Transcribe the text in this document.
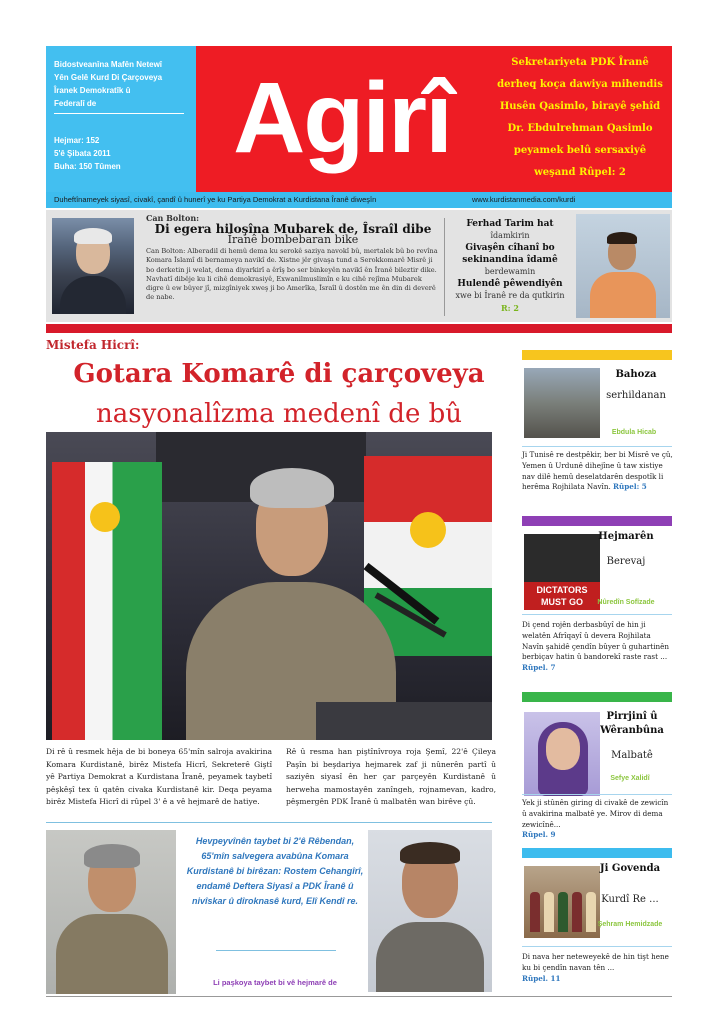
Bidostveanîna Mafên Netewî
Yên Gelê Kurd Di Çarçoveya
Îranek Demokratîk û
Federalî de
Hejmar: 152
5'ê Şibata 2011
Buha: 150 Tûmen	Agirî	Sekretariyeta PDK Îranê derheq koça dawiya mihendis Husên Qasimlo, birayê şehîd Dr. Ebdulrehman Qasimlo peyamek belû sersaxiyê weşand Rûpel: 2
Duheftînameyek siyasî, civakî, çandî û hunerî ye ku Partiya Demokrat a Kurdistana Îranê diweşîn	www.kurdistanmedia.com/kurdi
Can Bolton:
Di egera hiloşîna Mubarek de, Îsraîl dibe
Îranê bombebaran bike
Can Bolton: Alberadil di hemû dema ku serokê saziya navokî bû, mertalek bû bo revîna Komara Îslamî di bernameya navikî de. Xistne jêr givaşa tund a Serokkomarê Misrê ji bo derketin ji welat, dema diyarkirî a êrîş bo ser binkeyên navikî ên Îranê bileztir dike. Navhatî dibêje ku li cihê demokrasiyê, Exwanilmuslimîn e ku cihê rejîma Mubarek digre û ew bûyer jî, mizgîniyek xweş ji bo Amerîka, Îsraîl û dostên me ên din di deverê de nabe.
Ferhad Tarim hat
îdamkirin
Givaşên cîhanî bo
sekinandina îdamê
berdewamin
Hulendê pêwendiyên
xwe bi Îranê re da qutkirin
R: 2
Mistefa Hicrî:
Gotara Komarê di çarçoveya
nasyonalîzma medenî de bû
Di rê û resmek hêja de bi boneya 65'mîn salroja avakirina Komara Kurdistanê, birêz Mistefa Hicrî, Sekreterê Giştî yê Partiya Demokrat a Kurdistana Îranê, peyamek taybetî pêşkêşî tex û qatên civaka Kurdistanê kir. Deqa peyama birêz Mistefa Hicrî di rûpel 3' ê a vê hejmarê de hatiye.
Rê û resma han piştînîvroya roja Şemî, 22'ê Çileya Paşîn bi beşdariya hejmarek zaf ji nûnerên partî û saziyên siyasî ên her çar parçeyên Kurdistanê û herweha mamostayên zanîngeh, rojnamevan, kadro, pêşmergên PDK Îranê û malbatên wan birêve çû.
Hevpeyvînên taybet bi 2'ê Rêbendan, 65'mîn salvegera avabûna Komara Kurdistanê bi birêzan: Rostem Cehangîrî, endamê Deftera Siyasî a PDK Îranê û nivîskar û dîroknasê kurd, Elî Kendî re.
Li paşkoya taybet bi vê hejmarê de
Bahoza
serhildanan
Ebdula Hicab
Ji Tunisê re destpêkir, ber bi Misrê ve çû, Yemen û Urdunê dihejîne û taw xistiye nav dilê hemû deselatdarên despotîk li herêma Rojhilata Navîn. Rûpel: 5
DICTATORS MUST GO
Hejmarên
Berevaj
Nûredîn Sofîzade
Di çend rojên derbasbûyî de hin ji welatên Afrîqayî û devera Rojhilata Navîn şahidê çendîn bûyer û guhartinên berbiçav hatin û bandorekî raste rast ...
Rûpel. 7
Pirrjinî û Wêranbûna
Malbatê
Sefye Xalidî
Yek ji stûnên giring di civakê de zewicîn û avakirina malbatê ye. Mirov di dema zewicînê...
Rûpel. 9
Ji Govenda
Kurdî Re ...
Şehram Hemidzade
Di nava her neteweyekê de hin tişt hene ku bi çendîn navan tên ...
Rûpel. 11
